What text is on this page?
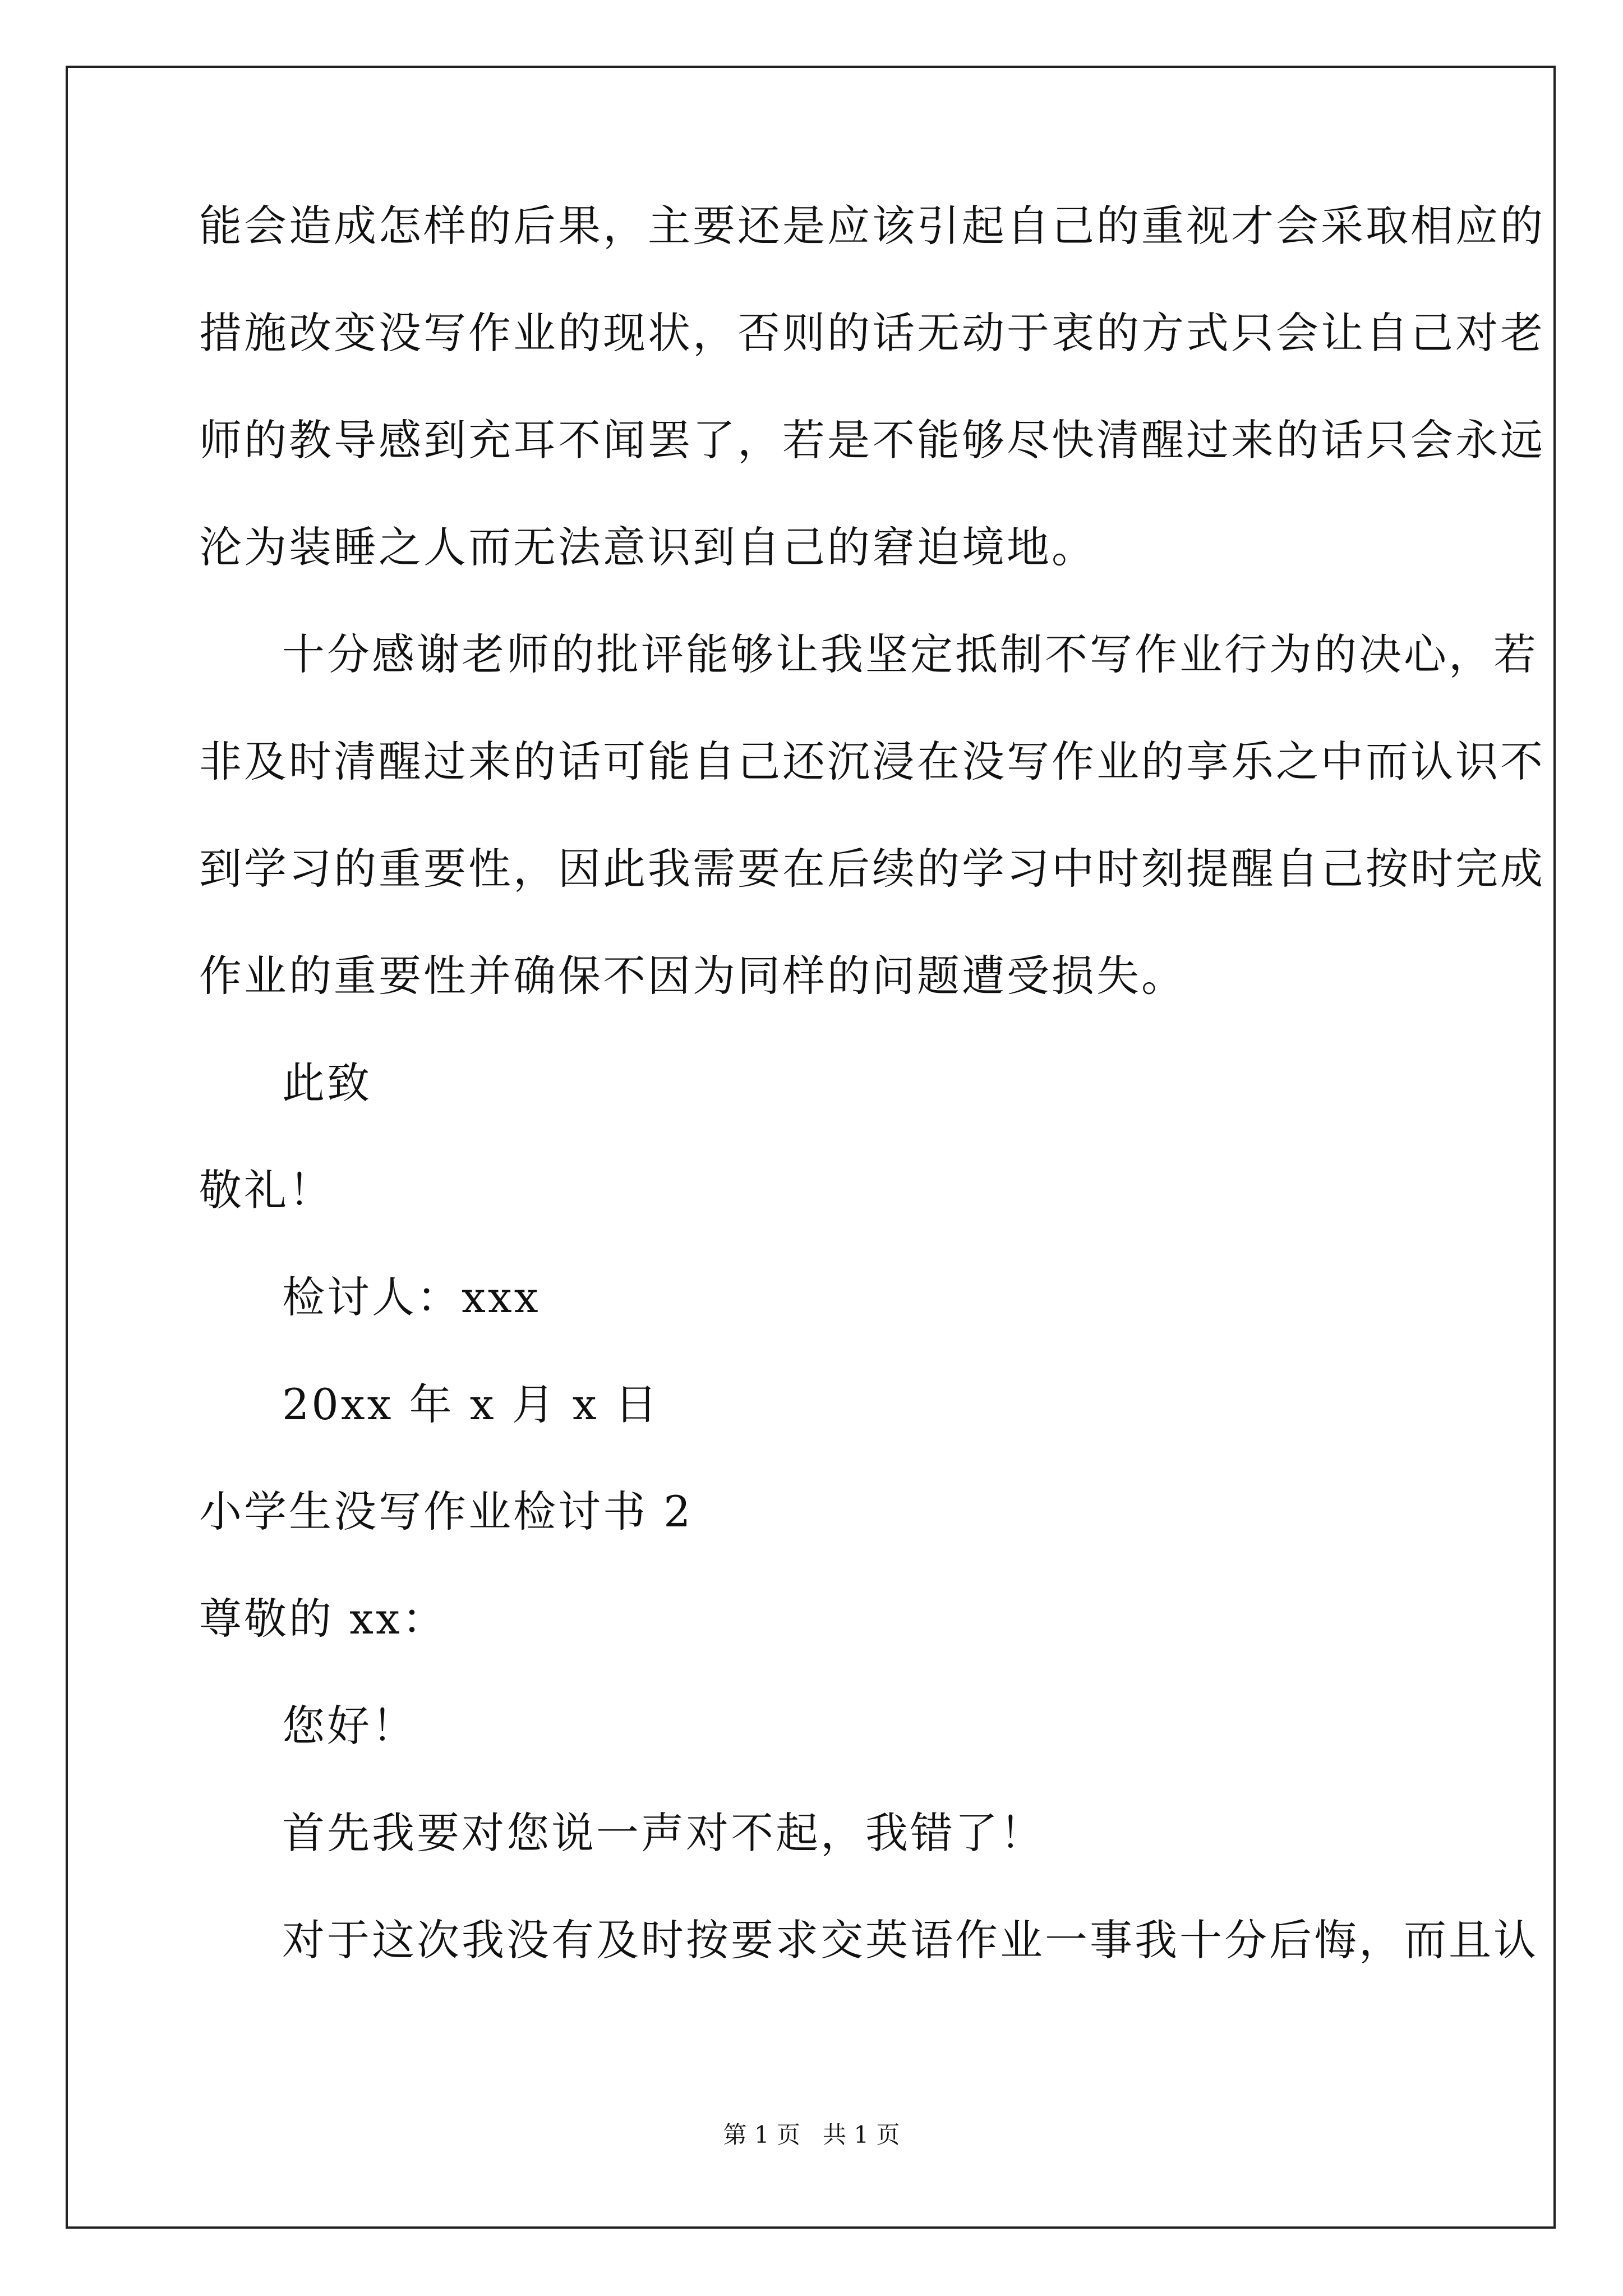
能会造成怎样的后果，主要还是应该引起自己的重视才会采取相应的
措施改变没写作业的现状，否则的话无动于衷的方式只会让自己对老
师的教导感到充耳不闻罢了，若是不能够尽快清醒过来的话只会永远
沦为装睡之人而无法意识到自己的窘迫境地。
十分感谢老师的批评能够让我坚定抵制不写作业行为的决心，若
非及时清醒过来的话可能自己还沉浸在没写作业的享乐之中而认识不
到学习的重要性，因此我需要在后续的学习中时刻提醒自己按时完成
作业的重要性并确保不因为同样的问题遭受损失。
此致
敬礼！
检讨人：xxx
20xx 年 x 月 x 日
小学生没写作业检讨书 2
尊敬的 xx：
您好！
首先我要对您说一声对不起，我错了！
对于这次我没有及时按要求交英语作业一事我十分后悔，而且认
第 1 页   共 1 页
